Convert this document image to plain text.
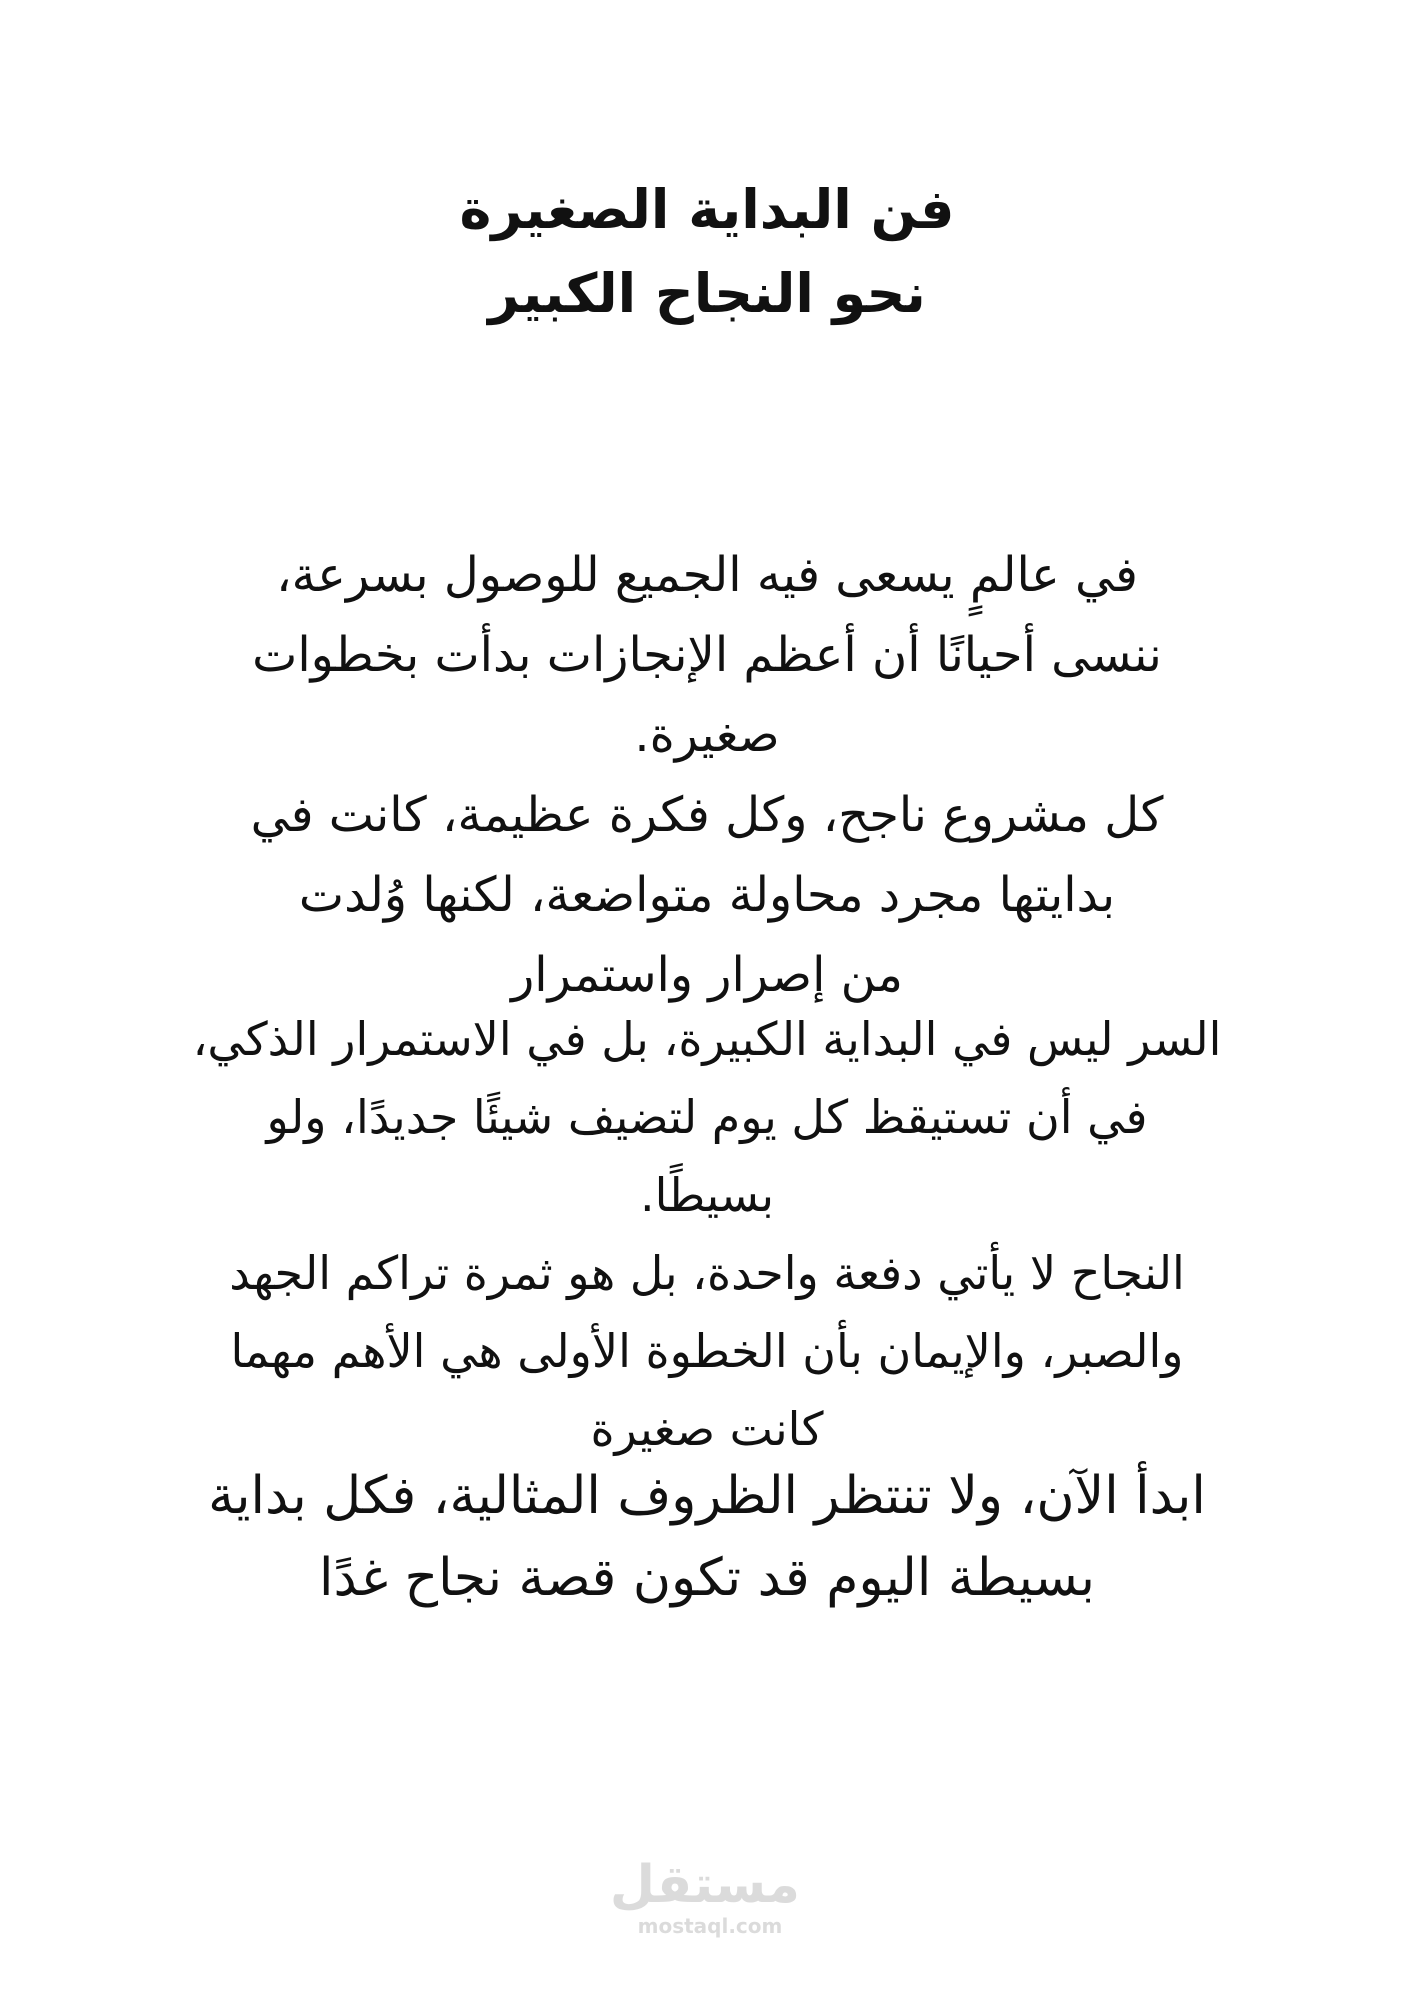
فن البداية الصغيرة
نحو النجاح الكبير
في عالمٍ يسعى فيه الجميع للوصول بسرعة،
ننسى أحيانًا أن أعظم الإنجازات بدأت بخطوات
صغيرة.
كل مشروع ناجح، وكل فكرة عظيمة، كانت في
بدايتها مجرد محاولة متواضعة، لكنها وُلدت
من إصرار واستمرار
السر ليس في البداية الكبيرة، بل في الاستمرار الذكي،
في أن تستيقظ كل يوم لتضيف شيئًا جديدًا، ولو
بسيطًا.
النجاح لا يأتي دفعة واحدة، بل هو ثمرة تراكم الجهد
والصبر، والإيمان بأن الخطوة الأولى هي الأهم مهما
كانت صغيرة
ابدأ الآن، ولا تنتظر الظروف المثالية، فكل بداية
بسيطة اليوم قد تكون قصة نجاح غدًا
مستقل
mostaql.com
